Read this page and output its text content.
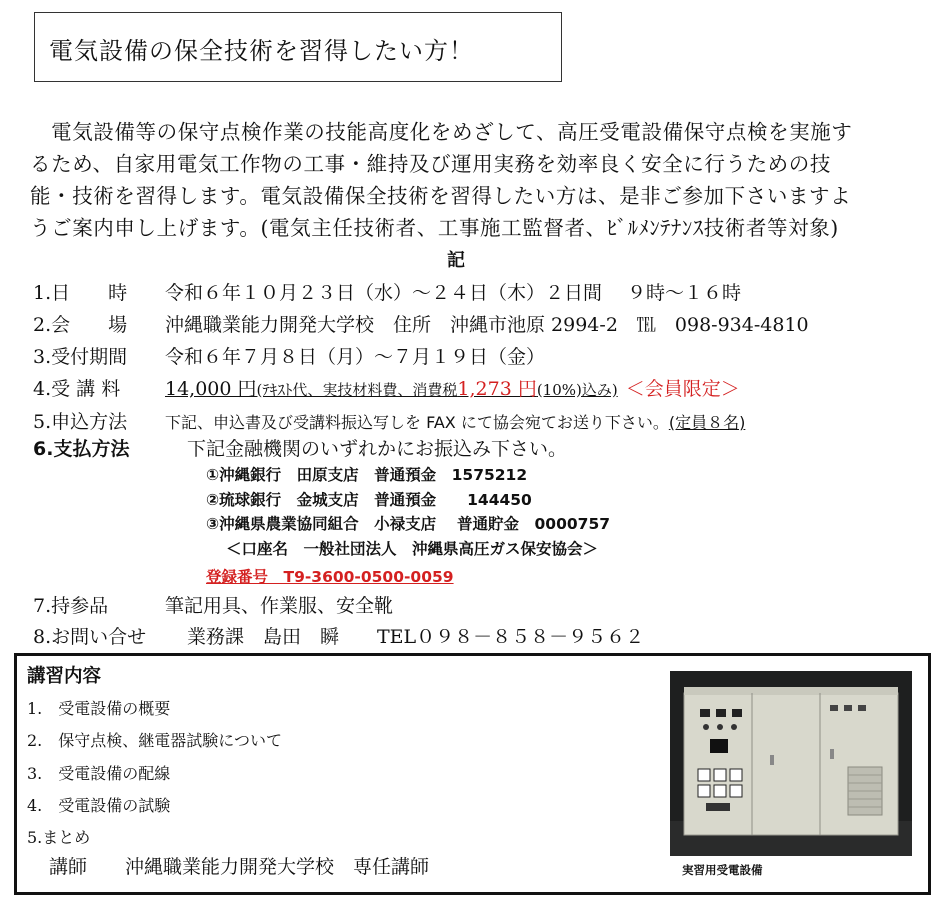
電気設備の保全技術を習得したい方！
　電気設備等の保守点検作業の技能高度化をめざして、高圧受電設備保守点検を実施す
るため、自家用電気工作物の工事・維持及び運用実務を効率良く安全に行うための技
能・技術を習得します。電気設備保全技術を習得したい方は、是非ご参加下さいますよ
うご案内申し上げます。(電気主任技術者、工事施工監督者、ﾋﾞﾙﾒﾝﾃﾅﾝｽ技術者等対象)
記
1.日　　時 令和６年１０月２３日（水）～２４日（木）２日間　 ９時～１６時
2.会　　場 沖縄職業能力開発大学校　住所　沖縄市池原 2994-2　℡　098-934-4810
3.受付期間 令和６年７月８日（月）～７月１９日（金）
4.受 講 料 14,000 円(ﾃｷｽﾄ代、実技材料費、消費税1,273 円(10%)込み) ＜会員限定＞
5.申込方法 下記、申込書及び受講料振込写しを FAX にて協会宛てお送り下さい。(定員８名)
6.支払方法	下記金融機関のいずれかにお振込み下さい。
①沖縄銀行　田原支店　普通預金　1575212
②琉球銀行　金城支店　普通預金　　144450
③沖縄県農業協同組合　小禄支店　 普通貯金　0000757
＜口座名　一般社団法人　沖縄県高圧ガス保安協会＞
登録番号　T9-3600-0500-0059
7.持参品	筆記用具、作業服、安全靴
8.お問い合せ 業務課　島田　瞬　　TEL０９８－８５８－９５６２
講習内容
1.　受電設備の概要
2.　保守点検、継電器試験について
3.　受電設備の配線
4.　受電設備の試験
5.まとめ
講師　　沖縄職業能力開発大学校　専任講師	実習用受電設備
